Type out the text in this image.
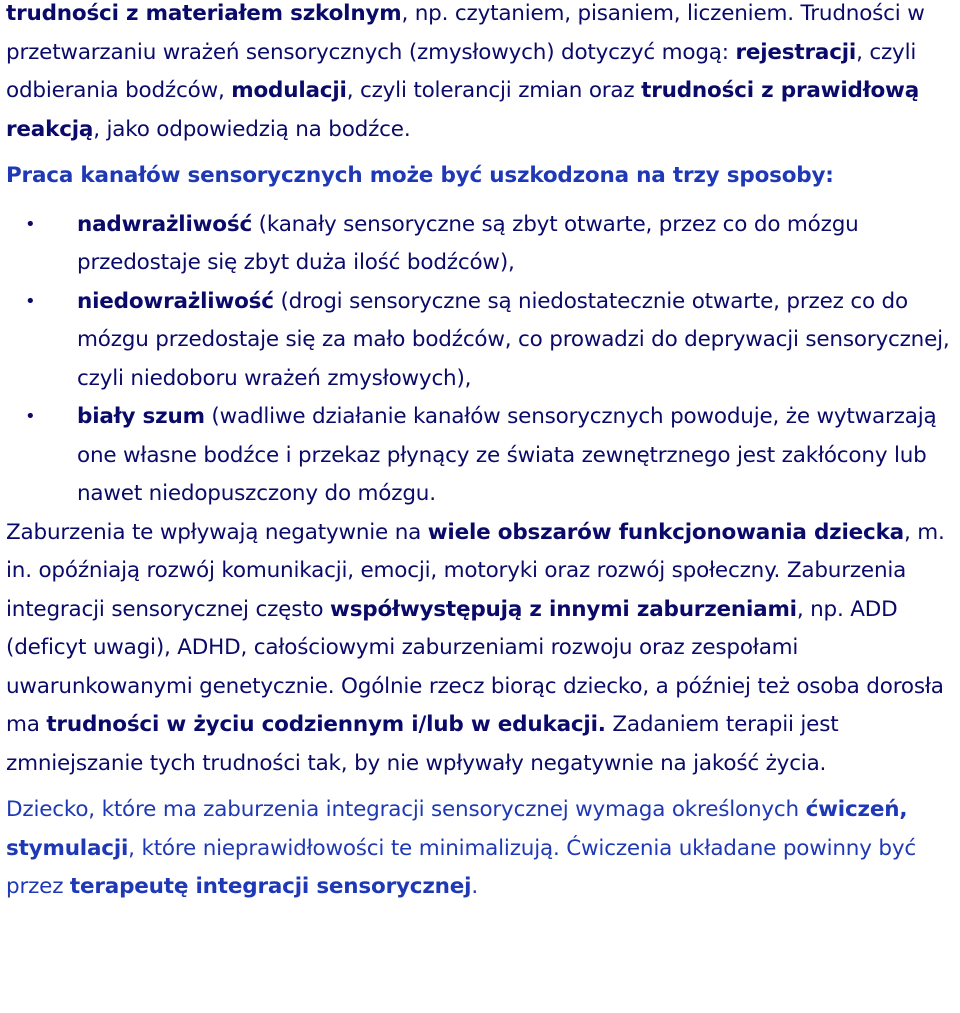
trudności z materiałem szkolnym, np. czytaniem, pisaniem, liczeniem. Trudności w przetwarzaniu wrażeń sensorycznych (zmysłowych) dotyczyć mogą: rejestracji, czyli odbierania bodźców, modulacji, czyli tolerancji zmian oraz trudności z prawidłową reakcją, jako odpowiedzią na bodźce.

Praca kanałów sensorycznych może być uszkodzona na trzy sposoby:

• nadwrażliwość (kanały sensoryczne są zbyt otwarte, przez co do mózgu przedostaje się zbyt duża ilość bodźców),
• niedowrażliwość (drogi sensoryczne są niedostatecznie otwarte, przez co do mózgu przedostaje się za mało bodźców, co prowadzi do deprywacji sensorycznej, czyli niedoboru wrażeń zmysłowych),
• biały szum (wadliwe działanie kanałów sensorycznych powoduje, że wytwarzają one własne bodźce i przekaz płynący ze świata zewnętrznego jest zakłócony lub nawet niedopuszczony do mózgu.

Zaburzenia te wpływają negatywnie na wiele obszarów funkcjonowania dziecka, m. in. opóźniają rozwój komunikacji, emocji, motoryki oraz rozwój społeczny. Zaburzenia integracji sensorycznej często współwystępują z innymi zaburzeniami, np. ADD (deficyt uwagi), ADHD, całościowymi zaburzeniami rozwoju oraz zespołami uwarunkowanymi genetycznie. Ogólnie rzecz biorąc dziecko, a później też osoba dorosła ma trudności w życiu codziennym i/lub w edukacji. Zadaniem terapii jest zmniejszanie tych trudności tak, by nie wpływały negatywnie na jakość życia.

Dziecko, które ma zaburzenia integracji sensorycznej wymaga określonych ćwiczeń, stymulacji, które nieprawidłowości te minimalizują. Ćwiczenia układane powinny być przez terapeutę integracji sensorycznej.
